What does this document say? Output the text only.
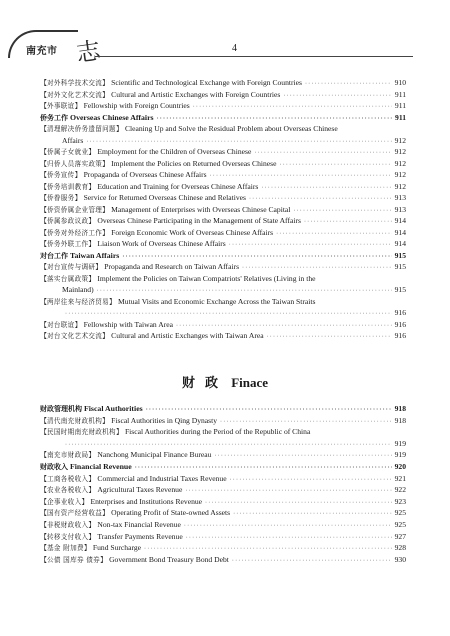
南充市 志	4
【 对外科学技术交流 】 Scientific and Technological Exchange with Foreign Countries ·····	910
【 对外文化艺术交流 】 Cultural and Artistic Exchanges with Foreign Countries ·····	911
【 外事联谊 】 Fellowship with Foreign Countries ·····	911
侨务工作 Overseas Chinese Affairs ·····	911
【 清理解决侨务遗留问题 】 Cleaning Up and Solve the Residual Problem about Overseas Chinese
Affairs ·····	912
【 侨属子女就业 】 Employment for the Children of Overseas Chinese ·····	912
【 归侨人员落实政策 】 Implement the Policies on Returned Overseas Chinese ·····	912
【 侨务宣传 】 Propaganda of Overseas Chinese Affairs ·····	912
【 侨务培训教育 】 Education and Training for Overseas Chinese Affairs ·····	912
【 侨眷服务 】 Service for Returned Overseas Chinese and Relatives ·····	913
【 侨资侨属企业管理 】 Management of Enterprises with Overseas Chinese Capital ·····	913
【 侨属参政议政 】 Overseas Chinese Participating in the Management of State Affairs ·····	914
【 侨务对外经济工作 】 Foreign Economic Work of Overseas Chinese Affairs ·····	914
【 侨务外联工作 】 Liaison Work of Overseas Chinese Affairs ·····	914
对台工作 Taiwan Affairs ·····	915
【 对台宣传与调研 】 Propaganda and Research on Taiwan Affairs ·····	915
【 落实台属政策 】 Implement the Policies on Taiwan Compatriots' Relatives (Living in the
Mainland) ·····	915
【 两岸往来与经济贸易 】 Mutual Visits and Economic Exchange Across the Taiwan Straits
·····
916
【 对台联谊 】 Fellowship with Taiwan Area ·····	916
【 对台文化艺术交流 】 Cultural and Artistic Exchanges with Taiwan Area ·····	916
财政 Finace
财政管理机构 Fiscal Authorities ·····	918
【 清代南充财政机构 】 Fiscal Authorities in Qing Dynasty ·····	918
【 民国时期南充财政机构 】 Fiscal Authorities during the Period of the Republic of China
·····
919
【 南充市财政局 】 Nanchong Municipal Finance Bureau ·····	919
财政收入 Financial Revenue ·····	920
【 工商各税收入 】 Commercial and Industrial Taxes Revenue ·····	921
【 农业各税收入 】 Agricultural Taxes Revenue ·····	922
【 企事业收入 】 Enterprises and Institutions Revenue ·····	923
【 国有资产经营收益 】 Operating Profit of State-owned Assets ·····	925
【 非税财政收入 】 Non-tax Financial Revenue ·····	925
【 转移支付收入 】 Transfer Payments Revenue ·····	927
【 基金 附加费 】 Fund Surcharge ·····	928
【 公债 国库券 债券 】 Government Bond Treasury Bond Debt ·····	930
